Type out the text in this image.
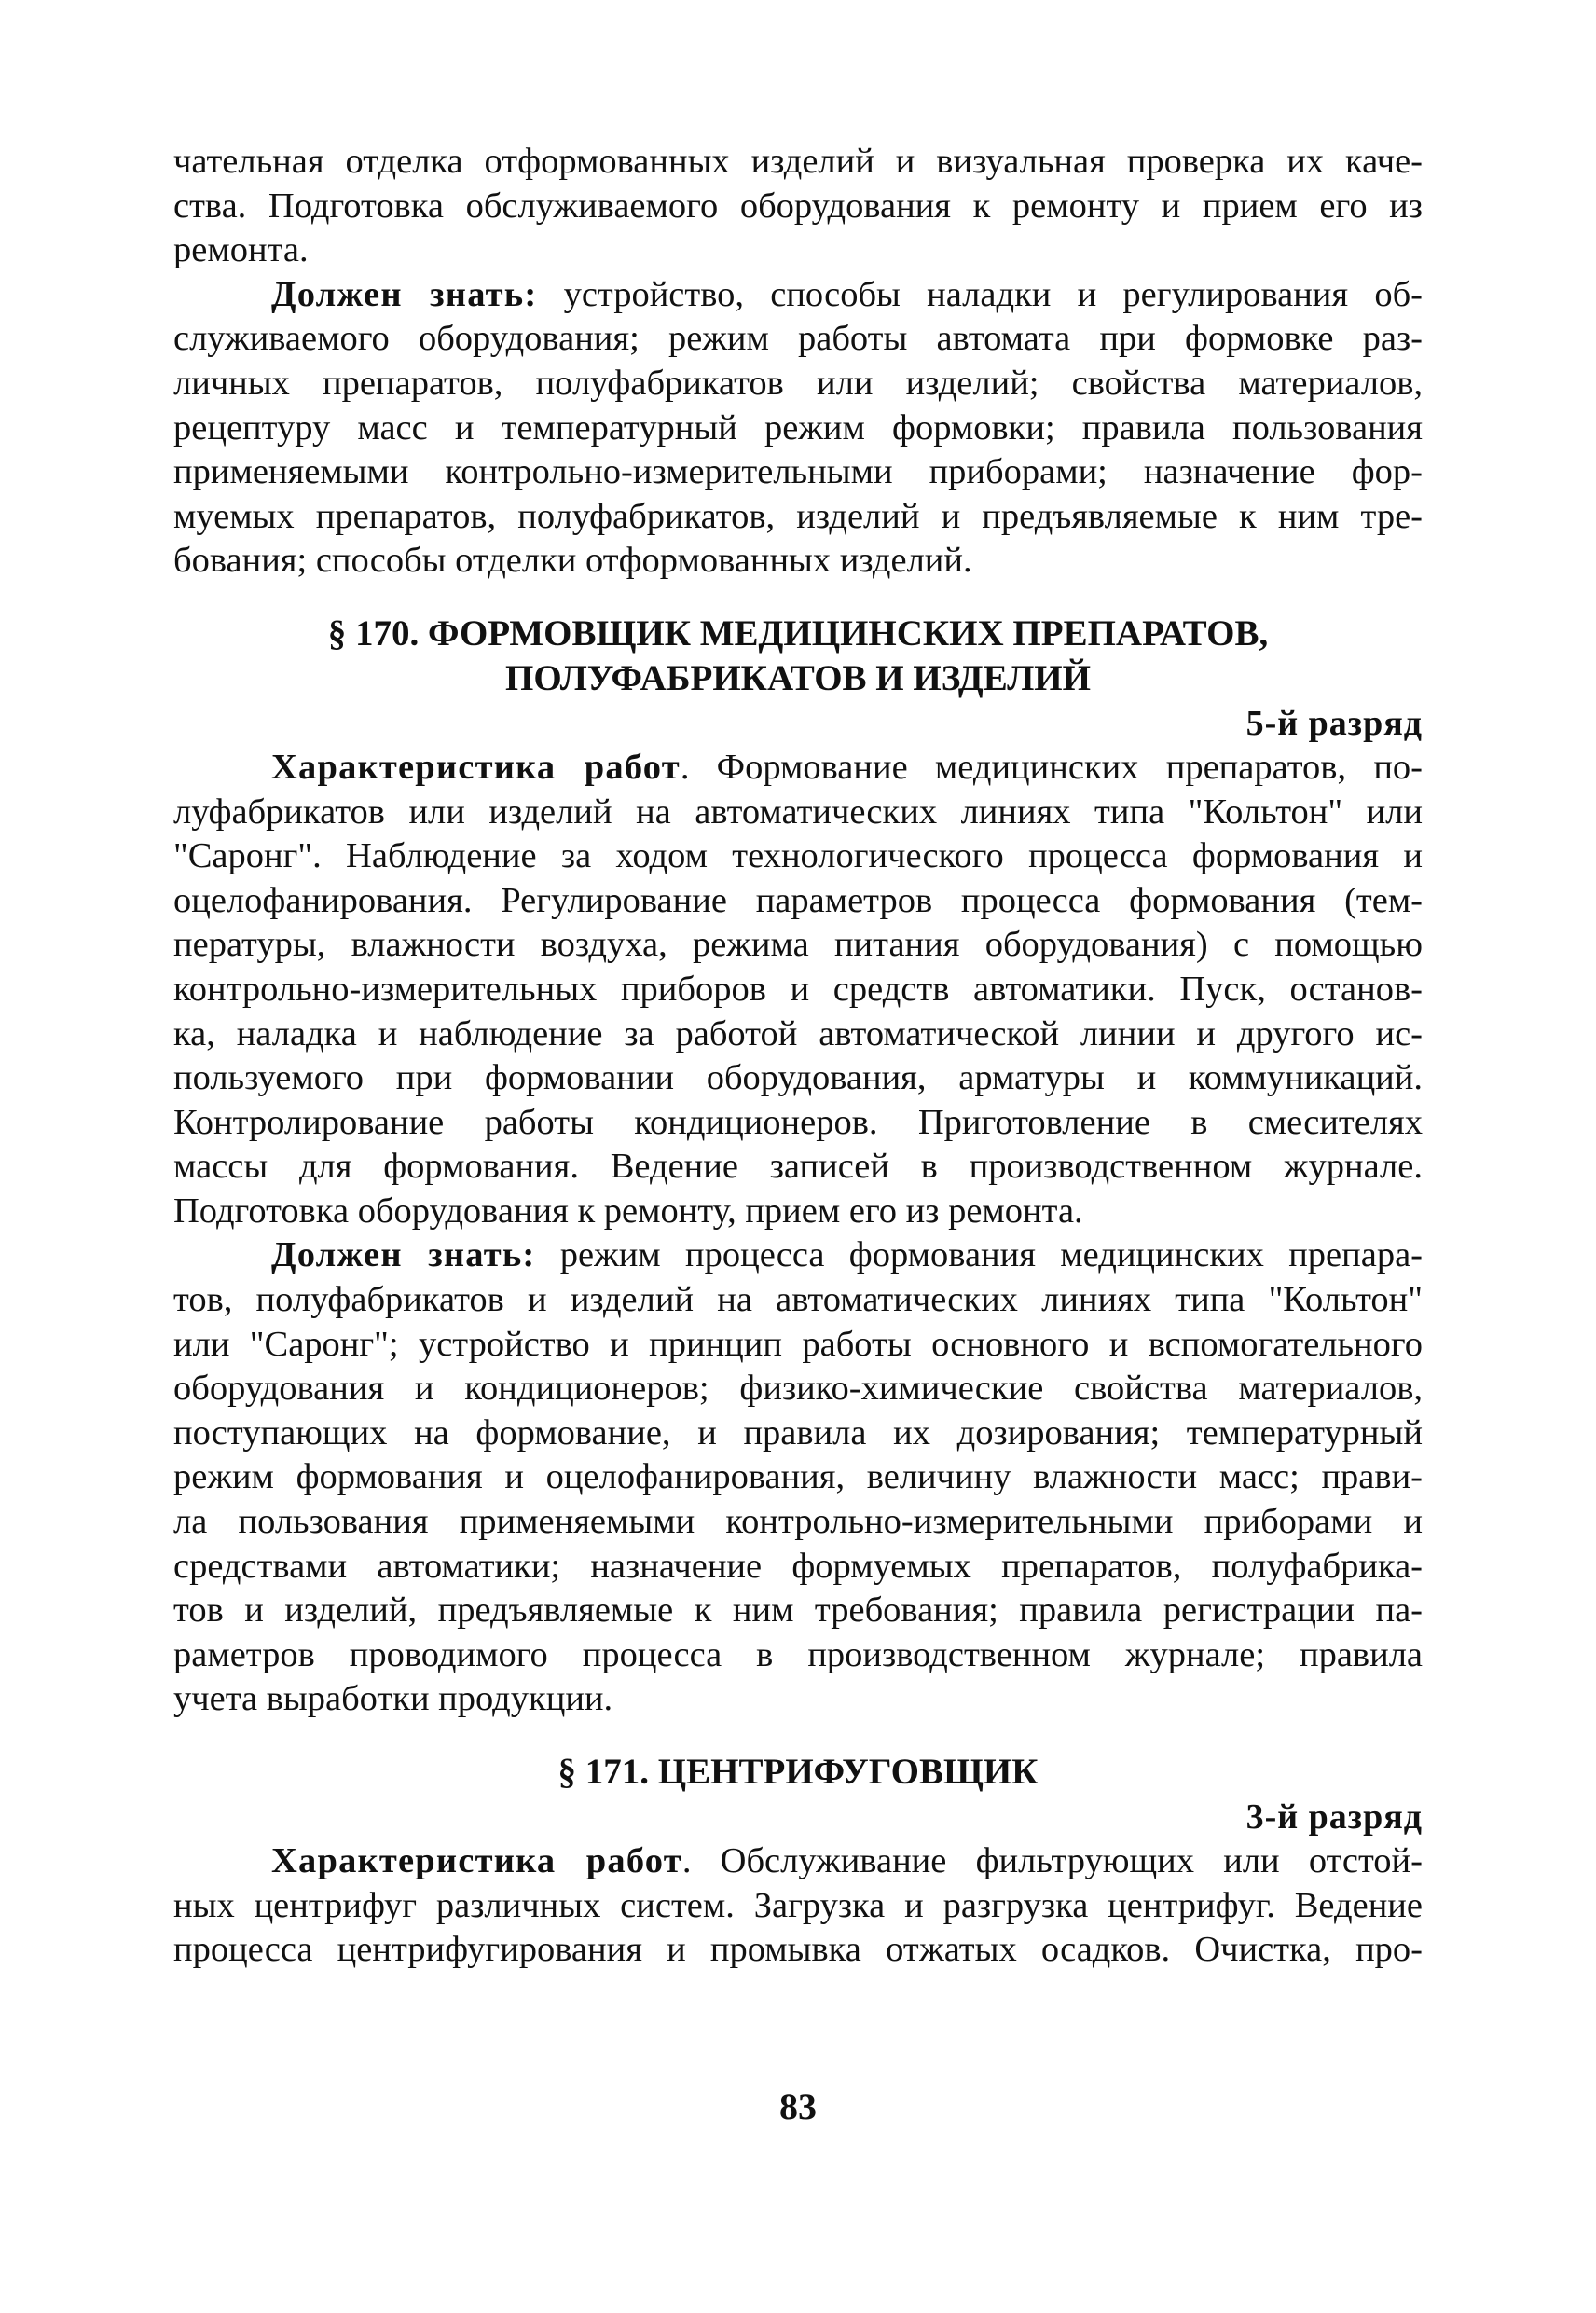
чательная отделка отформованных изделий и визуальная проверка их каче-
ства. Подготовка обслуживаемого оборудования к ремонту и прием его из
ремонта.
Должен знать: устройство, способы наладки и регулирования об-
служиваемого оборудования; режим работы автомата при формовке раз-
личных препаратов, полуфабрикатов или изделий; свойства материалов,
рецептуру масс и температурный режим формовки; правила пользования
применяемыми контрольно-измерительными приборами; назначение фор-
муемых препаратов, полуфабрикатов, изделий и предъявляемые к ним тре-
бования; способы отделки отформованных изделий.
§ 170. ФОРМОВЩИК МЕДИЦИНСКИХ ПРЕПАРАТОВ,
ПОЛУФАБРИКАТОВ И ИЗДЕЛИЙ
5-й разряд
Характеристика работ. Формование медицинских препаратов, по-
луфабрикатов или изделий на автоматических линиях типа "Кольтон" или
"Саронг". Наблюдение за ходом технологического процесса формования и
оцелофанирования. Регулирование параметров процесса формования (тем-
пературы, влажности воздуха, режима питания оборудования) с помощью
контрольно-измерительных приборов и средств автоматики. Пуск, останов-
ка, наладка и наблюдение за работой автоматической линии и другого ис-
пользуемого при формовании оборудования, арматуры и коммуникаций.
Контролирование работы кондиционеров. Приготовление в смесителях
массы для формования. Ведение записей в производственном журнале.
Подготовка оборудования к ремонту, прием его из ремонта.
Должен знать: режим процесса формования медицинских препара-
тов, полуфабрикатов и изделий на автоматических линиях типа "Кольтон"
или "Саронг"; устройство и принцип работы основного и вспомогательного
оборудования и кондиционеров; физико-химические свойства материалов,
поступающих на формование, и правила их дозирования; температурный
режим формования и оцелофанирования, величину влажности масс; прави-
ла пользования применяемыми контрольно-измерительными приборами и
средствами автоматики; назначение формуемых препаратов, полуфабрика-
тов и изделий, предъявляемые к ним требования; правила регистрации па-
раметров проводимого процесса в производственном журнале; правила
учета выработки продукции.
§ 171. ЦЕНТРИФУГОВЩИК
3-й разряд
Характеристика работ. Обслуживание фильтрующих или отстой-
ных центрифуг различных систем. Загрузка и разгрузка центрифуг. Ведение
процесса центрифугирования и промывка отжатых осадков. Очистка, про-
83
